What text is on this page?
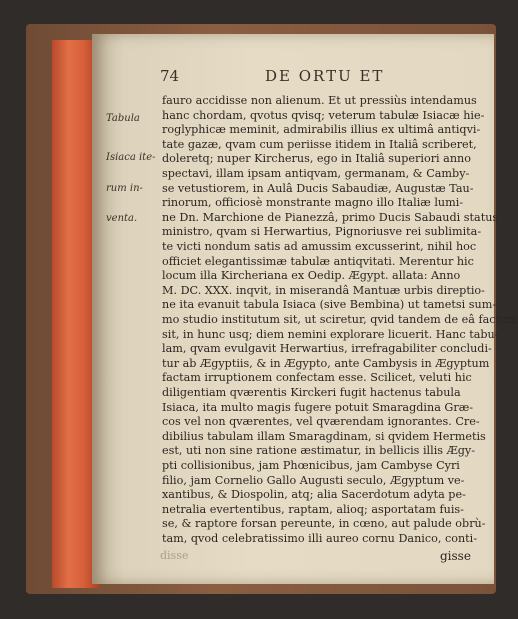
74	DE ORTU ET
Tabula
Isiaca ite-
rum in-
venta.
fauro accidisse non alienum. Et ut pressiùs intendamus
hanc chordam, qvotus qvisq; veterum tabulæ Isiacæ hie-
roglyphicæ meminit, admirabilis illius ex ultimâ antiqvi-
tate gazæ, qvam cum periisse itidem in Italiâ scriberet,
doleretq; nuper Kircherus, ego in Italiâ superiori anno
spectavi, illam ipsam antiqvam, germanam, & Camby-
se vetustiorem, in Aulâ Ducis Sabaudiæ, Augustæ Tau-
rinorum, officiosè monstrante magno illo Italiæ lumi-
ne Dn. Marchione de Pianezzâ, primo Ducis Sabaudi status
ministro, qvam si Herwartius, Pignoriusve rei sublimita-
te victi nondum satis ad amussim excusserint, nihil hoc
officiet elegantissimæ tabulæ antiqvitati. Merentur hic
locum illa Kircheriana ex Oedip. Ægypt. allata: Anno
M. DC. XXX. inqvit, in miserandâ Mantuæ urbis direptio-
ne ita evanuit tabula Isiaca (sive Bembina) ut tametsi sum-
mo studio institutum sit, ut sciretur, qvid tandem de eâ factum
sit, in hunc usq; diem nemini explorare licuerit. Hanc tabu-
lam, qvam evulgavit Herwartius, irrefragabiliter concludi-
tur ab Ægyptiis, & in Ægypto, ante Cambysis in Ægyptum
factam irruptionem confectam esse. Scilicet, veluti hic
diligentiam qværentis Kirckeri fugit hactenus tabula
Isiaca, ita multo magis fugere potuit Smaragdina Græ-
cos vel non qværentes, vel qværendam ignorantes. Cre-
dibilius tabulam illam Smaragdinam, si qvidem Hermetis
est, uti non sine ratione æstimatur, in bellicis illis Ægy-
pti collisionibus, jam Phœnicibus, jam Cambyse Cyri
filio, jam Cornelio Gallo Augusti seculo, Ægyptum ve-
xantibus, & Diospolin, atq; alia Sacerdotum adyta pe-
netralia evertentibus, raptam, alioq; asportatam fuis-
se, & raptore forsan pereunte, in cœno, aut palude obrù-
tam, qvod celebratissimo illi aureo cornu Danico, conti-
disse	gisse
